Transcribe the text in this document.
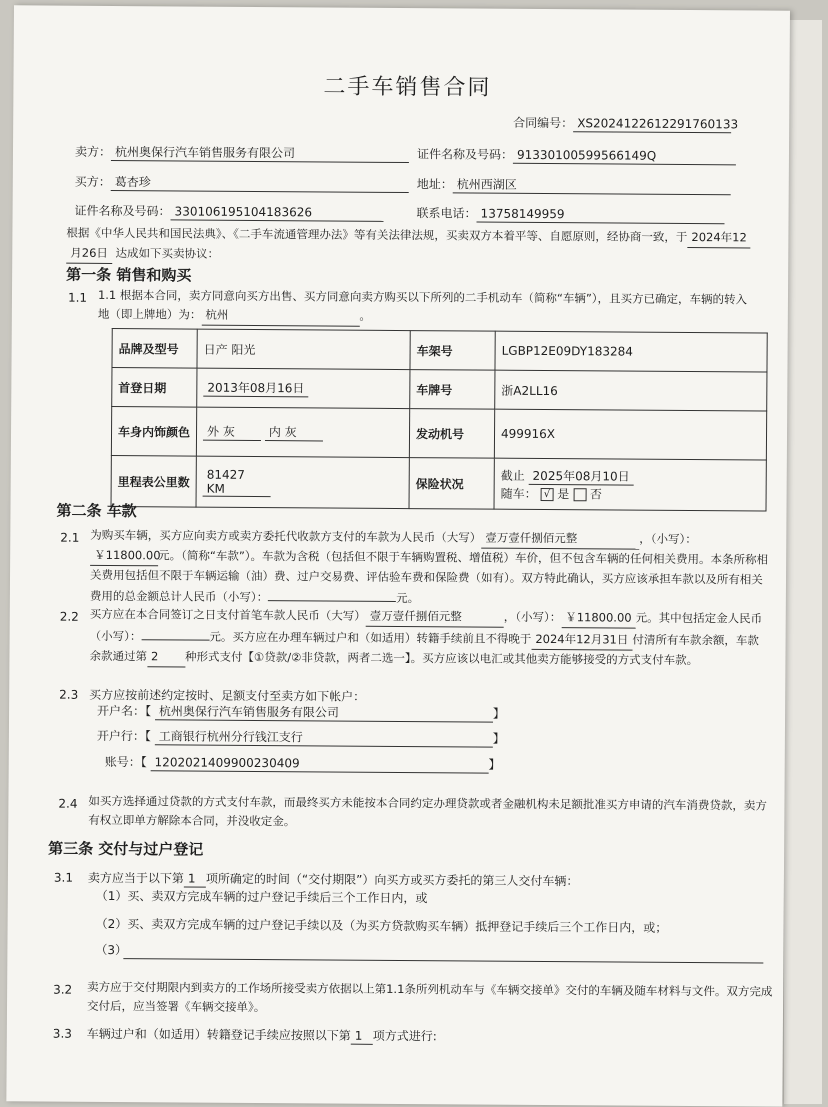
二手车销售合同
合同编号： XS2024122612291760133
卖方： 杭州奥保行汽车销售服务有限公司	证件名称及号码： 91330100599566149Q
买方： 葛杏珍	地址： 杭州西湖区
证件名称及号码： 330106195104183626	联系电话： 13758149959
根据《中华人民共和国民法典》、《二手车流通管理办法》等有关法律法规，买卖双方本着平等、自愿原则，经协商一致，于 2024年12
月26日 达成如下买卖协议：
第一条 销售和购买
1.1 1.1 根据本合同，卖方同意向买方出售、买方同意向卖方购买以下所列的二手机动车（简称“车辆”），且买方已确定，车辆的转入
地（即上牌地）为： 杭州	。
品牌及型号	日产 阳光	车架号	LGBP12E09DY183284
首登日期	2013年08月16日	车牌号	浙A2LL16
车身内饰颜色	外 灰 内 灰	发动机号	499916X
里程表公里数	81427 KM	保险状况	截止 2025年08月10日
随车： √ 是 否
第二条 车款
2.1 为购买车辆，买方应向卖方或卖方委托代收款方支付的车款为人民币（大写） 壹万壹仟捌佰元整	，（小写）：
￥11800.00元。（简称“车款”）。车款为含税（包括但不限于车辆购置税、增值税）车价，但不包含车辆的任何相关费用。本条所称相关费用包括但不限于车辆运输（油）费、过户交易费、评估验车费和保险费（如有）。双方特此确认，买方应该承担车款以及所有相关费用的总金额总计人民币（小写）：	元。
2.2 买方应在本合同签订之日支付首笔车款人民币（大写） 壹万壹仟捌佰元整	，（小写）： ￥11800.00 元。其中包括定金人民币（小写）：	元。买方应在办理车辆过户和（如适用）转籍手续前且不得晚于 2024年12月31日 付清所有车款余额，车款余款通过第 2 种形式支付【①贷款/②非贷款，两者二选一】。买方应该以电汇或其他卖方能够接受的方式支付车款。
2.3 买方应按前述约定按时、足额支付至卖方如下帐户：
开户名：【 杭州奥保行汽车销售服务有限公司	】
开户行：【 工商银行杭州分行钱江支行	】
账号：【 1202021409900230409	】
2.4 如买方选择通过贷款的方式支付车款，而最终买方未能按本合同约定办理贷款或者金融机构未足额批准买方申请的汽车消费贷款，卖方有权立即单方解除本合同，并没收定金。
第三条 交付与过户登记
3.1 卖方应当于以下第 1 项所确定的时间（“交付期限”）向买方或买方委托的第三人交付车辆：
（1）买、卖双方完成车辆的过户登记手续后三个工作日内，或
（2）买、卖双方完成车辆的过户登记手续以及（为买方贷款购买车辆）抵押登记手续后三个工作日内，或；
（3）
3.2 卖方应于交付期限内到卖方的工作场所接受卖方依据以上第1.1条所列机动车与《车辆交接单》交付的车辆及随车材料与文件。双方完成交付后，应当签署《车辆交接单》。
3.3 车辆过户和（如适用）转籍登记手续应按照以下第 1 项方式进行:
